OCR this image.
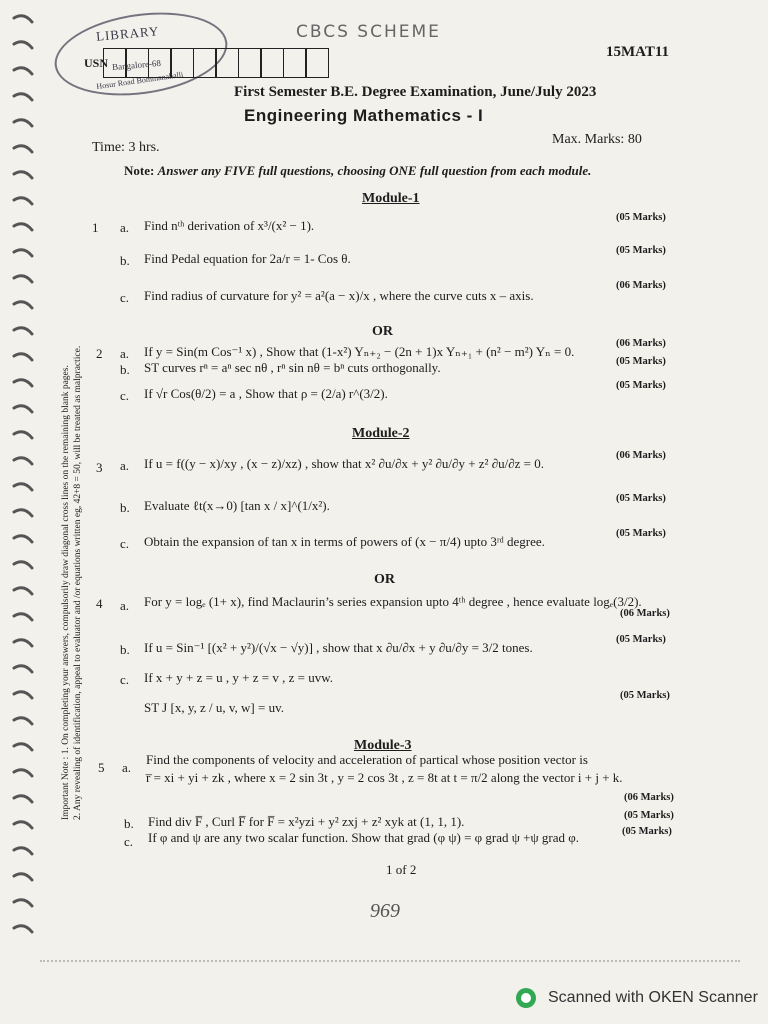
LIBRARY
Bangalore-68
Hosur Road Bommanahalli
USN
CBCS SCHEME
15MAT11
First Semester B.E. Degree Examination, June/July 2023
Engineering Mathematics - I
Time: 3 hrs.
Max. Marks: 80
Note: Answer any FIVE full questions, choosing ONE full question from each module.
Important Note : 1. On completing your answers, compulsorily draw diagonal cross lines on the remaining blank pages. 2. Any revealing of identification, appeal to evaluator and /or equations written eg, 42+8 = 50, will be treated as malpractice.
Module-1
1 a. Find nᵗʰ derivation of x³/(x² − 1).
(05 Marks)
b. Find Pedal equation for 2a/r = 1- Cos θ.
(05 Marks)
c. Find radius of curvature for y² = a²(a − x)/x , where the curve cuts x – axis.
(06 Marks)
OR
2 a. If y = Sin(m Cos⁻¹ x) , Show that (1-x²) Yₙ₊₂ − (2n + 1)x Yₙ₊₁ + (n² − m²) Yₙ = 0.
(06 Marks)
b. ST curves rⁿ = aⁿ sec nθ , rⁿ sin nθ = bⁿ cuts orthogonally.	(05 Marks)
c. If √r Cos(θ/2) = a , Show that ρ = (2/a) r^(3/2).
(05 Marks)
Module-2
3 a. If u = f((y − x)/xy , (x − z)/xz) , show that x² ∂u/∂x + y² ∂u/∂y + z² ∂u/∂z = 0.
(06 Marks)
b. Evaluate ℓt(x→0) [tan x / x]^(1/x²).	(05 Marks)
c. Obtain the expansion of tan x in terms of powers of (x − π/4) upto 3ʳᵈ degree.
(05 Marks)
OR
4 a. For y = logₑ (1+ x), find Maclaurin’s series expansion upto 4ᵗʰ degree , hence evaluate logₑ(3/2).
(06 Marks)
b. If u = Sin⁻¹ [(x² + y²)/(√x − √y)] , show that x ∂u/∂x + y ∂u/∂y = 3/2 tones.
(05 Marks)
c. If x + y + z = u , y + z = v , z = uvw.
ST J [x, y, z / u, v, w] = uv.
(05 Marks)
Module-3
5 a.
Find the components of velocity and acceleration of partical whose position vector is
r̅ = xi + yi + zk , where x = 2 sin 3t , y = 2 cos 3t , z = 8t at t = π/2 along the vector i + j + k.
(06 Marks)
b. Find div F̅ , Curl F̅ for F̅ = x²yzi + y² zxj + z² xyk at (1, 1, 1).	(05 Marks)
c. If φ and ψ are any two scalar function. Show that grad (φ ψ) = φ grad ψ +ψ grad φ.	(05 Marks)
1 of 2
969
Scanned with OKEN Scanner
